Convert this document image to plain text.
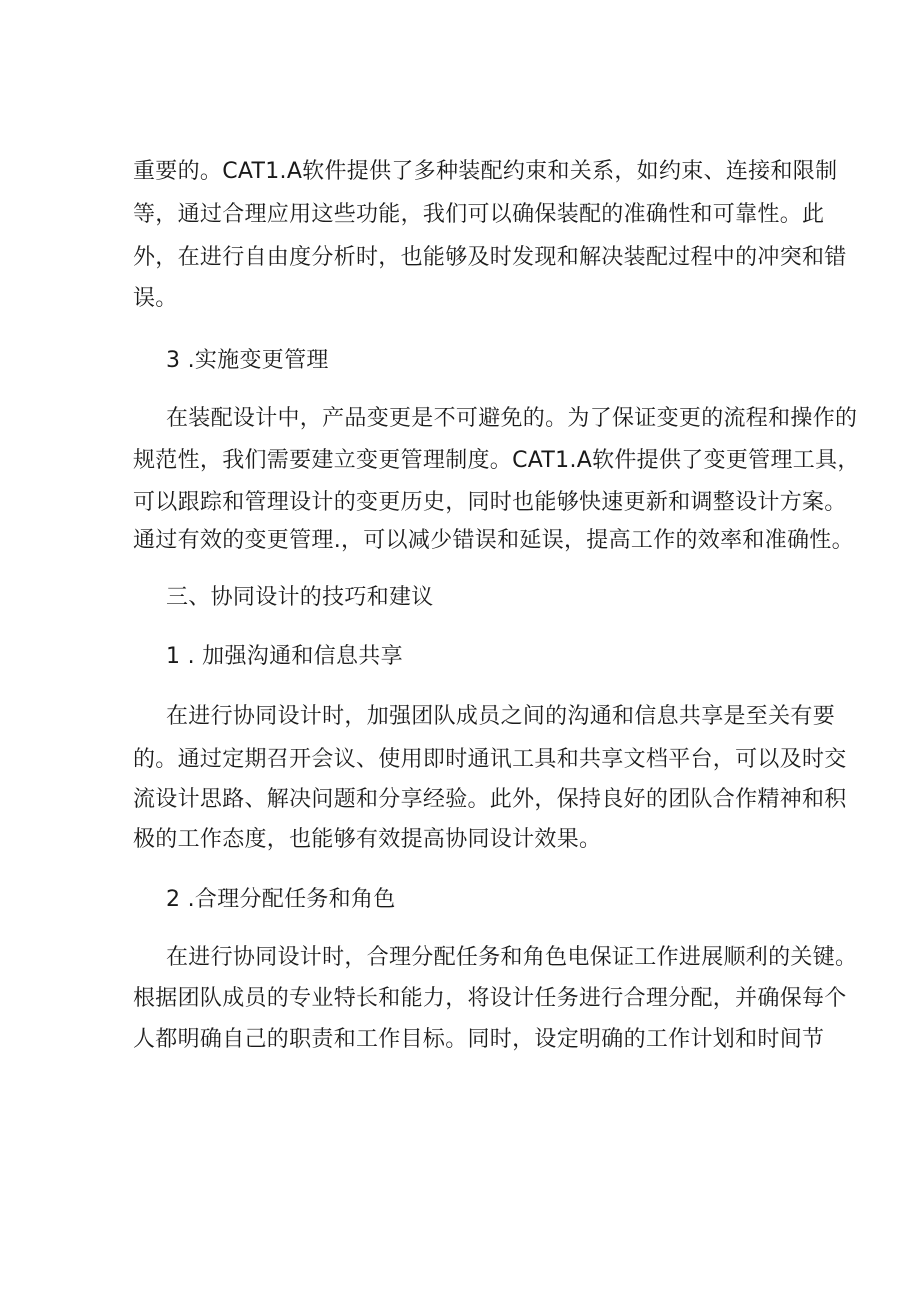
重要的。CAT1.A软件提供了多种装配约束和关系，如约束、连接和限制
等，通过合理应用这些功能，我们可以确保装配的准确性和可靠性。此
外，在进行自由度分析时，也能够及时发现和解决装配过程中的冲突和错
误。
3 .实施变更管理
在装配设计中，产品变更是不可避免的。为了保证变更的流程和操作的
规范性，我们需要建立变更管理制度。CAT1.A软件提供了变更管理工具，
可以跟踪和管理设计的变更历史，同时也能够快速更新和调整设计方案。
通过有效的变更管理.，可以减少错误和延误，提高工作的效率和准确性。
三、协同设计的技巧和建议
1 . 加强沟通和信息共享
在进行协同设计时，加强团队成员之间的沟通和信息共享是至关有要
的。通过定期召开会议、使用即时通讯工具和共享文档平台，可以及时交
流设计思路、解决问题和分享经验。此外，保持良好的团队合作精神和积
极的工作态度，也能够有效提高协同设计效果。
2 .合理分配任务和角色
在进行协同设计时，合理分配任务和角色电保证工作进展顺利的关键。
根据团队成员的专业特长和能力，将设计任务进行合理分配，并确保每个
人都明确自己的职责和工作目标。同时，设定明确的工作计划和时间节
